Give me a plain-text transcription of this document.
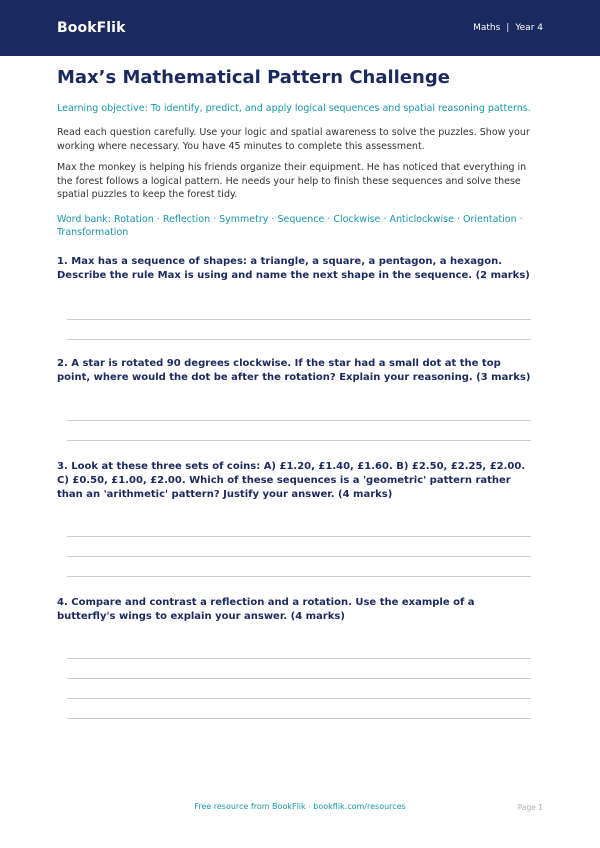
BookFlik	Maths | Year 4
Max’s Mathematical Pattern Challenge

Learning objective: To identify, predict, and apply logical sequences and spatial reasoning patterns.

Read each question carefully. Use your logic and spatial awareness to solve the puzzles. Show your working where necessary. You have 45 minutes to complete this assessment.

Max the monkey is helping his friends organize their equipment. He has noticed that everything in the forest follows a logical pattern. He needs your help to finish these sequences and solve these spatial puzzles to keep the forest tidy.

Word bank: Rotation · Reflection · Symmetry · Sequence · Clockwise · Anticlockwise · Orientation · Transformation

1. Max has a sequence of shapes: a triangle, a square, a pentagon, a hexagon. Describe the rule Max is using and name the next shape in the sequence. (2 marks)

2. A star is rotated 90 degrees clockwise. If the star had a small dot at the top point, where would the dot be after the rotation? Explain your reasoning. (3 marks)

3. Look at these three sets of coins: A) £1.20, £1.40, £1.60. B) £2.50, £2.25, £2.00. C) £0.50, £1.00, £2.00. Which of these sequences is a 'geometric' pattern rather than an 'arithmetic' pattern? Justify your answer. (4 marks)

4. Compare and contrast a reflection and a rotation. Use the example of a butterfly's wings to explain your answer. (4 marks)

Free resource from BookFlik · bookflik.com/resources	Page 1
